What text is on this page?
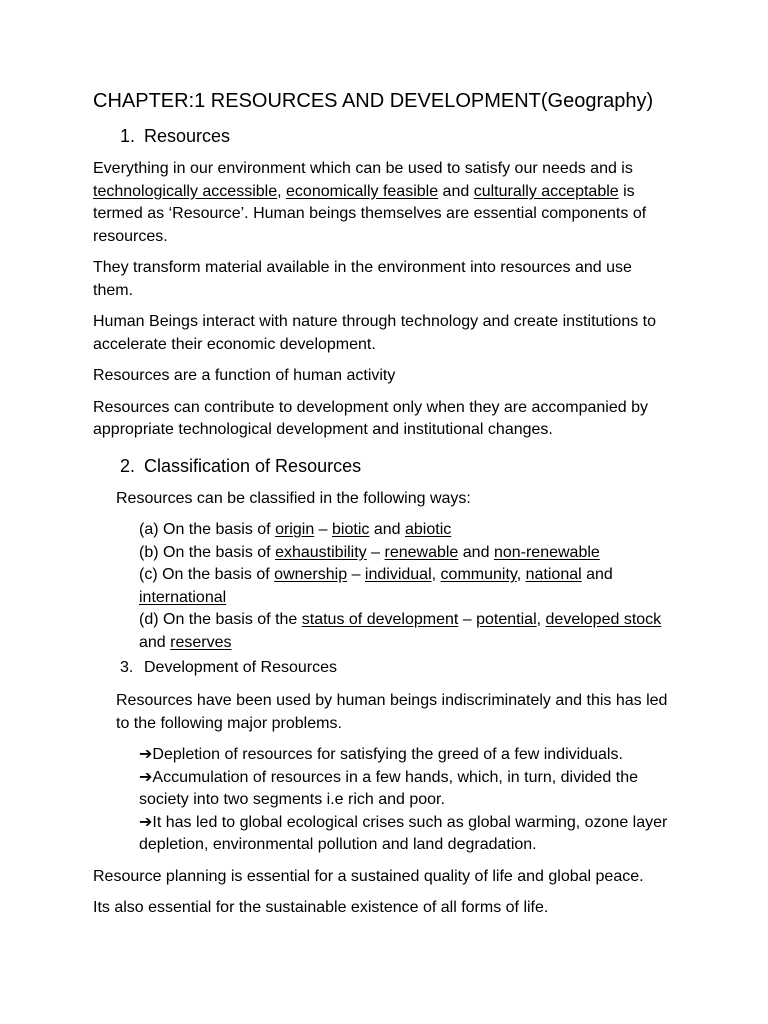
CHAPTER:1 RESOURCES AND DEVELOPMENT(Geography)
1. Resources

Everything in our environment which can be used to satisfy our needs and is technologically accessible, economically feasible and culturally acceptable is termed as ‘Resource’. Human beings themselves are essential components of resources.

They transform material available in the environment into resources and use them.

Human Beings interact with nature through technology and create institutions to accelerate their economic development.

Resources are a function of human activity

Resources can contribute to development only when they are accompanied by appropriate technological development and institutional changes.

2. Classification of Resources

Resources can be classified in the following ways:

(a) On the basis of origin – biotic and abiotic
(b) On the basis of exhaustibility – renewable and non-renewable
(c) On the basis of ownership – individual, community, national and international
(d) On the basis of the status of development – potential, developed stock and reserves
3. Development of Resources

Resources have been used by human beings indiscriminately and this has led to the following major problems.

➔Depletion of resources for satisfying the greed of a few individuals.
➔Accumulation of resources in a few hands, which, in turn, divided the society into two segments i.e rich and poor.
➔It has led to global ecological crises such as global warming, ozone layer depletion, environmental pollution and land degradation.

Resource planning is essential for a sustained quality of life and global peace.

Its also essential for the sustainable existence of all forms of life.
